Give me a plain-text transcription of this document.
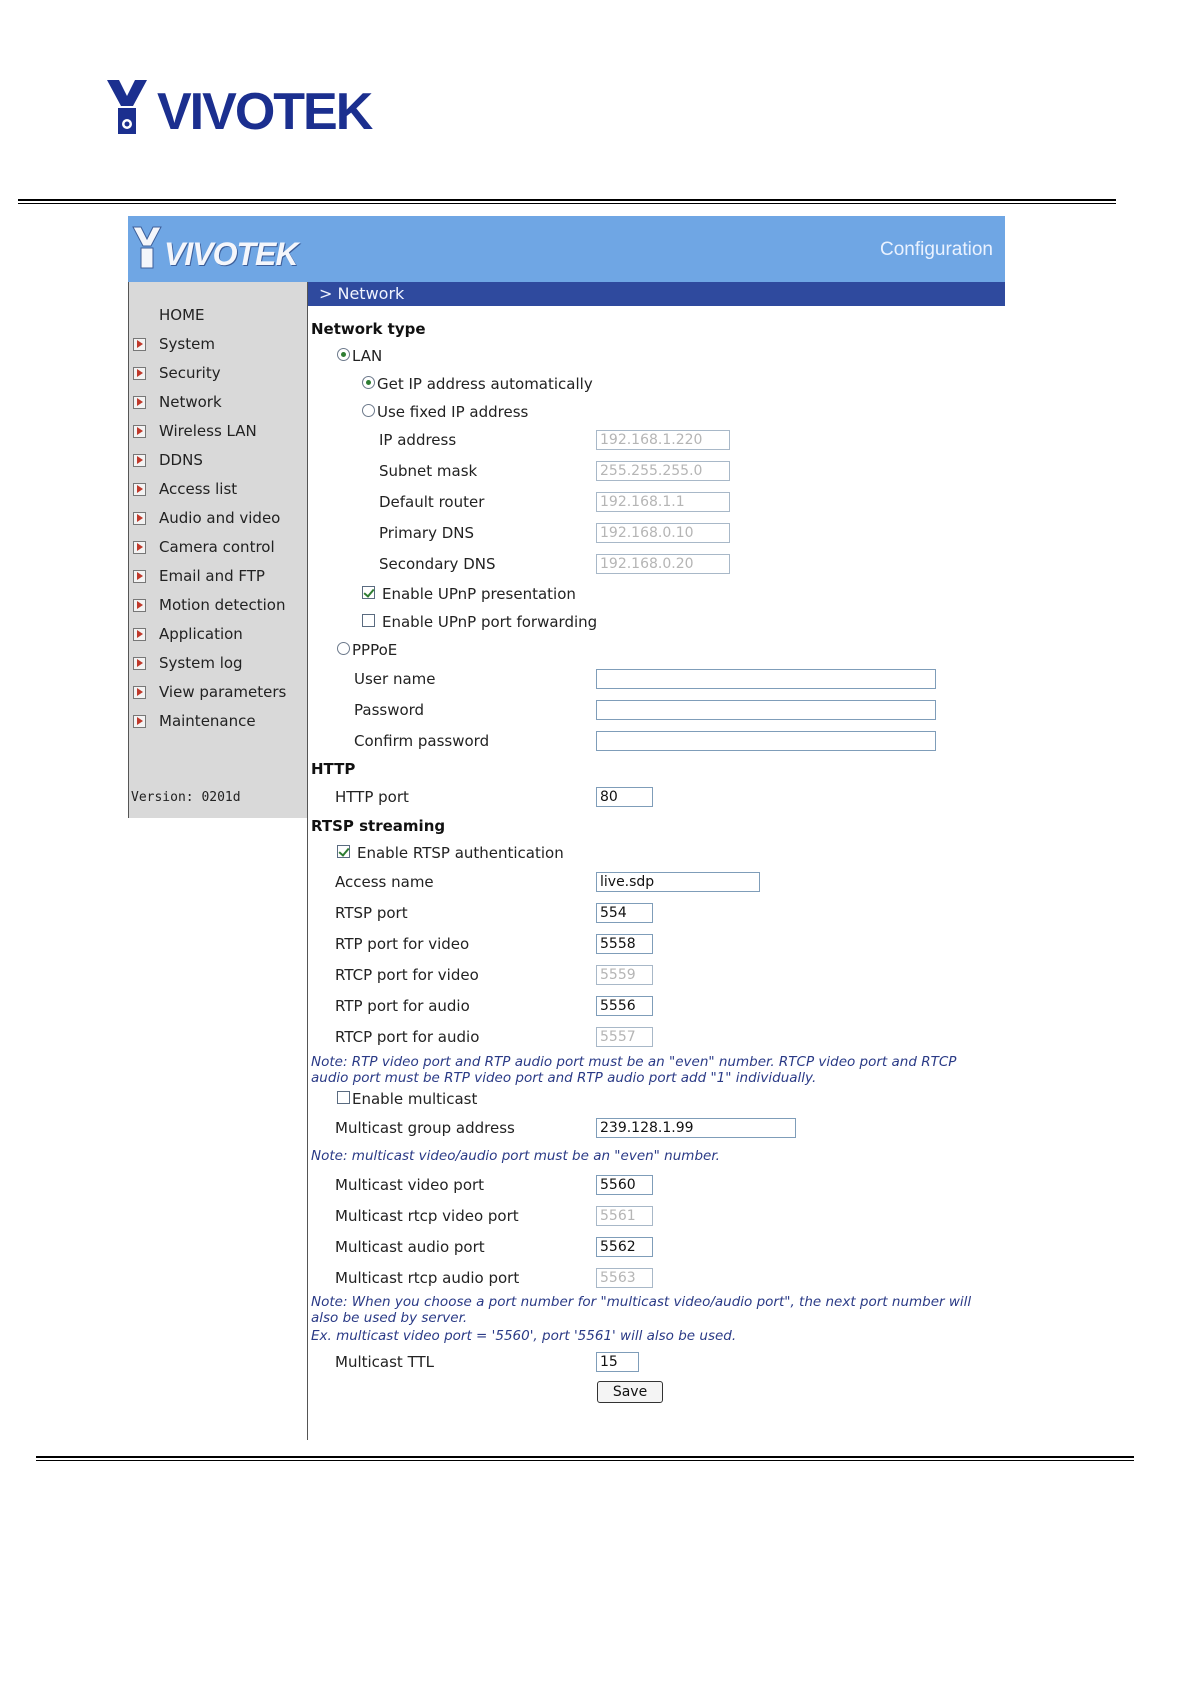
VIVOTEK
VIVOTEK	Configuration
HOME
System
Security
Network
Wireless LAN
DDNS
Access list
Audio and video
Camera control
Email and FTP
Motion detection
Application
System log
View parameters
Maintenance
Version: 0201d
> Network
Network type
LAN
Get IP address automatically
Use fixed IP address
IP address	192.168.1.220
Subnet mask	255.255.255.0
Default router	192.168.1.1
Primary DNS	192.168.0.10
Secondary DNS	192.168.0.20
Enable UPnP presentation
Enable UPnP port forwarding
PPPoE
User name
Password
Confirm password
HTTP
HTTP port	80
RTSP streaming
Enable RTSP authentication
Access name	live.sdp
RTSP port	554
RTP port for video	5558
RTCP port for video	5559
RTP port for audio	5556
RTCP port for audio	5557
Note: RTP video port and RTP audio port must be an "even" number. RTCP video port and RTCP audio port must be RTP video port and RTP audio port add "1" individually.
Enable multicast
Multicast group address	239.128.1.99
Note: multicast video/audio port must be an "even" number.
Multicast video port	5560
Multicast rtcp video port	5561
Multicast audio port	5562
Multicast rtcp audio port	5563
Note: When you choose a port number for "multicast video/audio port", the next port number will also be used by server.
Ex. multicast video port = '5560', port '5561' will also be used.
Multicast TTL	15
Save
